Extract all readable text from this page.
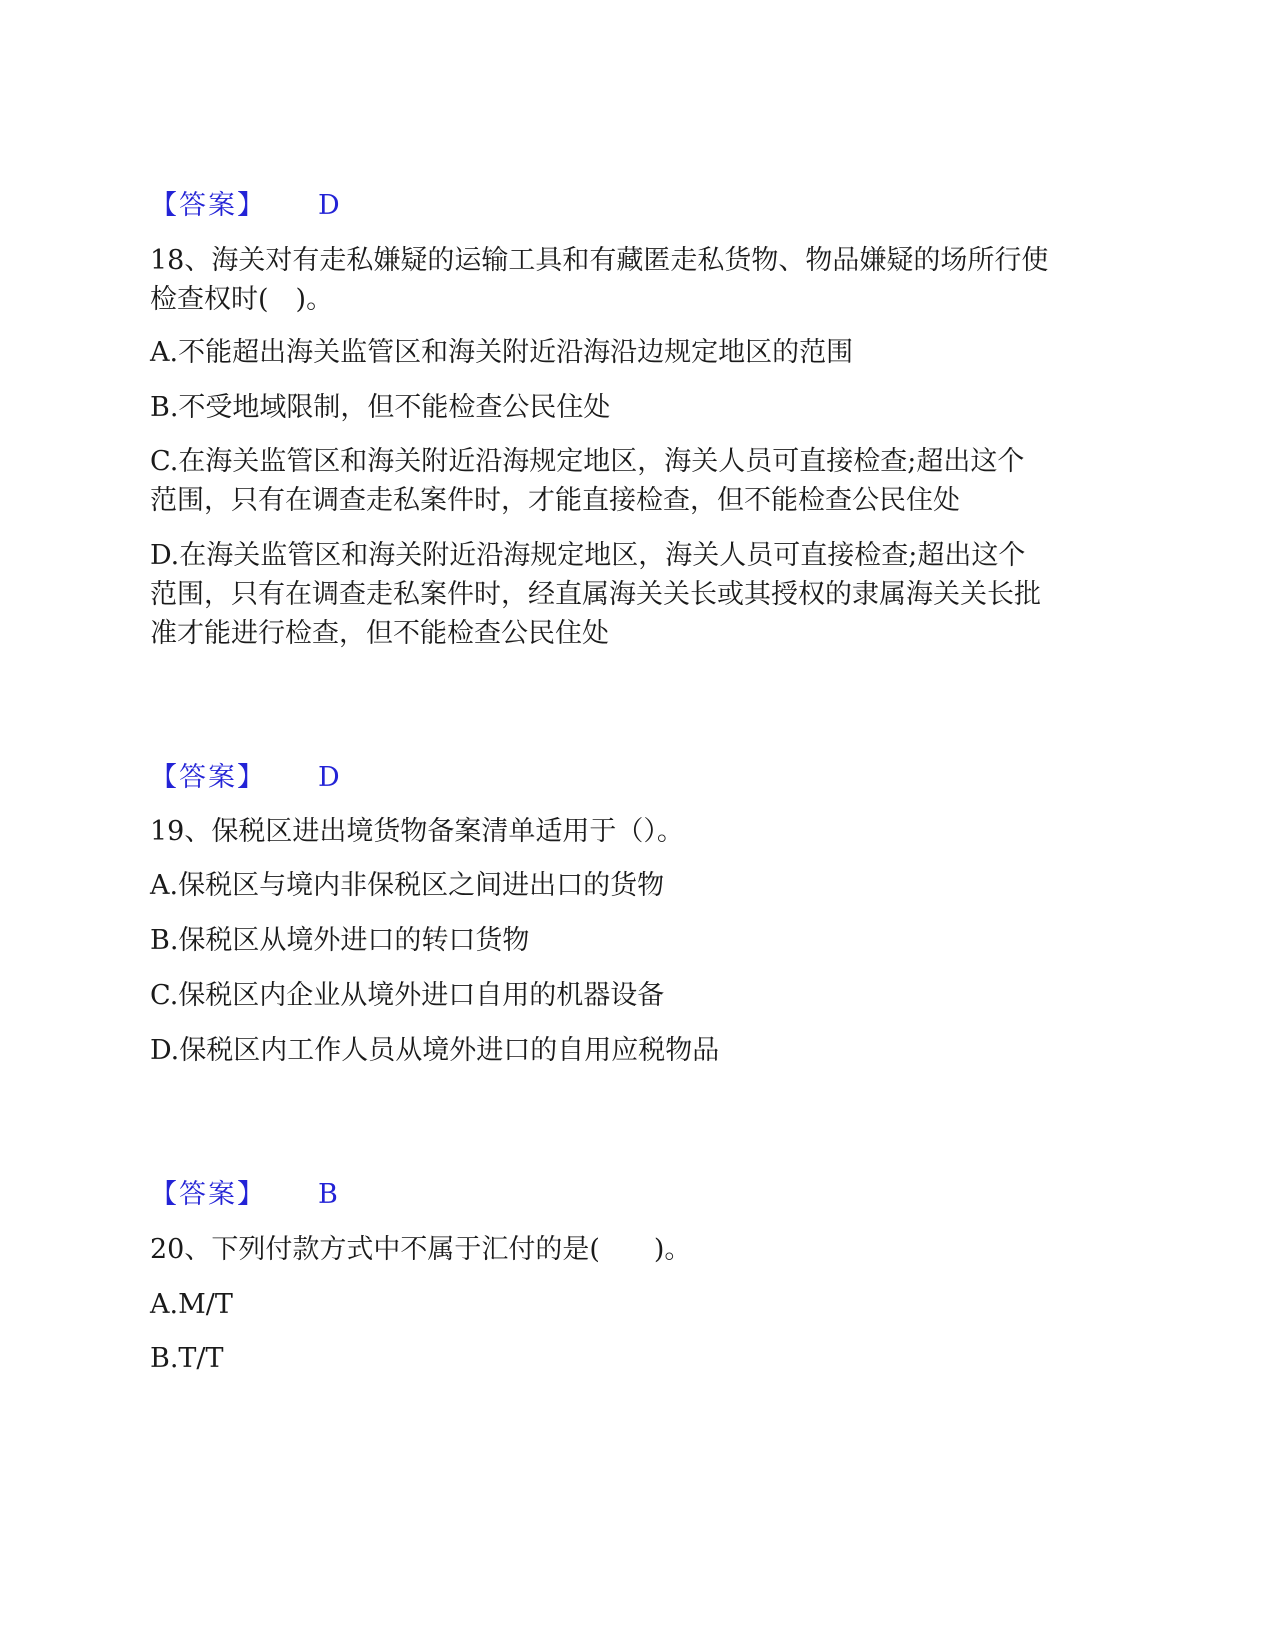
【答案】 D
18、海关对有走私嫌疑的运输工具和有藏匿走私货物、物品嫌疑的场所行使
检查权时(　)。
A.不能超出海关监管区和海关附近沿海沿边规定地区的范围
B.不受地域限制，但不能检查公民住处
C.在海关监管区和海关附近沿海规定地区，海关人员可直接检查;超出这个
范围，只有在调查走私案件时，才能直接检查，但不能检查公民住处
D.在海关监管区和海关附近沿海规定地区，海关人员可直接检查;超出这个
范围，只有在调查走私案件时，经直属海关关长或其授权的隶属海关关长批
准才能进行检查，但不能检查公民住处
【答案】 D
19、保税区进出境货物备案清单适用于（）。
A.保税区与境内非保税区之间进出口的货物
B.保税区从境外进口的转口货物
C.保税区内企业从境外进口自用的机器设备
D.保税区内工作人员从境外进口的自用应税物品
【答案】 B
20、下列付款方式中不属于汇付的是(　　)。
A.M/T
B.T/T
